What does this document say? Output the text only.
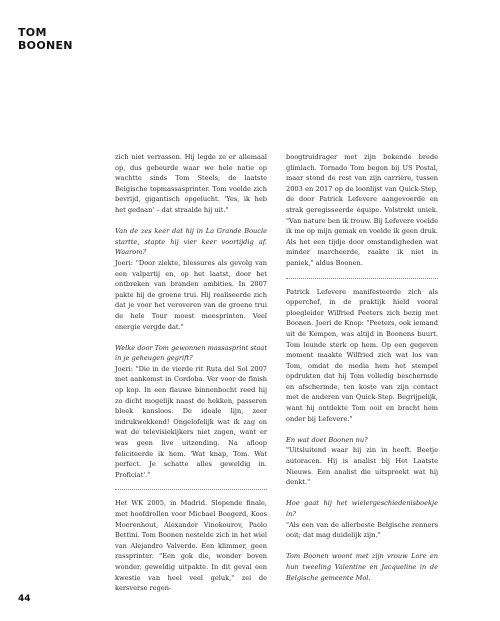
TOM
BOONEN

zich niet verrassen. Hij legde ze er allemaal op, dus gebeurde waar we hele natie op wachtte sinds Tom Steels, de laatste Belgische topmassasprinter. Tom voelde zich bevrijd, gigantisch opgelucht. 'Yes, ik heb het gedaan' – dat straalde hij uit."

Van de zes keer dat hij in La Grande Boucle startte, stapte hij vier keer voortijdig af. Waarom?

Joeri: "Door ziekte, blessures als gevolg van een valpartij en, op het laatst, door het ontbreken van branden ambities. In 2007 pakte hij de groene trui. Hij realiseerde zich dat je voor het veroveren van de groene trui de hele Tour moest meesprinten. Veel energie vergde dat."

Welke door Tom gewonnen massasprint staat in je geheugen gegrift?

Joeri: "Die in de vierde rit Ruta del Sol 2007 met aankomst in Cordoba. Ver voor de finish op kop. In een flauwe binnenbocht reed hij zo dicht mogelijk naast de hekken, passeren bleek kansloos. De ideale lijn, zeer indrukwekkend! Ongelofelijk wat ik zag en wat de televisiekijkers niet zagen, want er was geen live uitzending. Na afloop feliciteerde ik hem. 'Wat knap, Tom. Wat perfect. Je schatte alles geweldig in. Proficiat'."

Het WK 2005, in Madrid. Slopende finale, met hoofdrollen voor Michael Boogerd, Koos Moerenhout, Alexander Vinokourov, Paolo Bettini. Tom Boonen nestelde zich in het wiel van Alejandro Valverde. Een klimmer, geen rassprinter. "Een gok die, wonder boven wonder, geweldig uitpakte. In dit geval een kwestie van heel veel geluk," zei de kersverse regen-

boogtruidrager met zijn bekende brede glimlach. Tornado Tom begon bij US Postal, maar stond de rest van zijn carrière, tussen 2003 en 2017 op de loonlijst van Quick-Step, de door Patrick Lefevere aangevoerde en strak geregisseerde équipe. Volstrekt uniek. "Van nature ben ik trouw. Bij Lefevere voelde ik me op mijn gemak en voelde ik geen druk. Als het een tijdje door omstandigheden wat minder marcheerde, raakte ik niet in paniek," aldus Boonen.

Patrick Lefevere manifesteerde zich als opperchef, in de praktijk hield vooral ploegleider Wilfried Peeters zich bezig met Boonen. Joeri de Knop: "Peeters, ook iemand uit de Kempen, was altijd in Boonens buurt. Tom leunde sterk op hem. Op een gegeven moment maakte Wilfried zich wat los van Tom, omdat de media hem het stempel opdrukten dat hij Tom volledig beschermde en afschermde, ten koste van zijn contact met de anderen van Quick-Step. Begrijpelijk, want hij ontdekte Tom ooit en bracht hem onder bij Lefevere."

En wat doet Boonen nu?

"Uitsluitend waar hij zin in heeft. Beetje autoracen. Hij is analist bij Het Laatste Nieuws. Een analist die uitspreekt wat hij denkt."

Hoe gaat hij het wielergeschiedenisboekje in?

"Als een van de allerbeste Belgische renners ooit; dat mag duidelijk zijn."

Tom Boonen woont met zijn vrouw Lore en hun tweeling Valentine en Jacqueline in de Belgische gemeente Mol.

44
